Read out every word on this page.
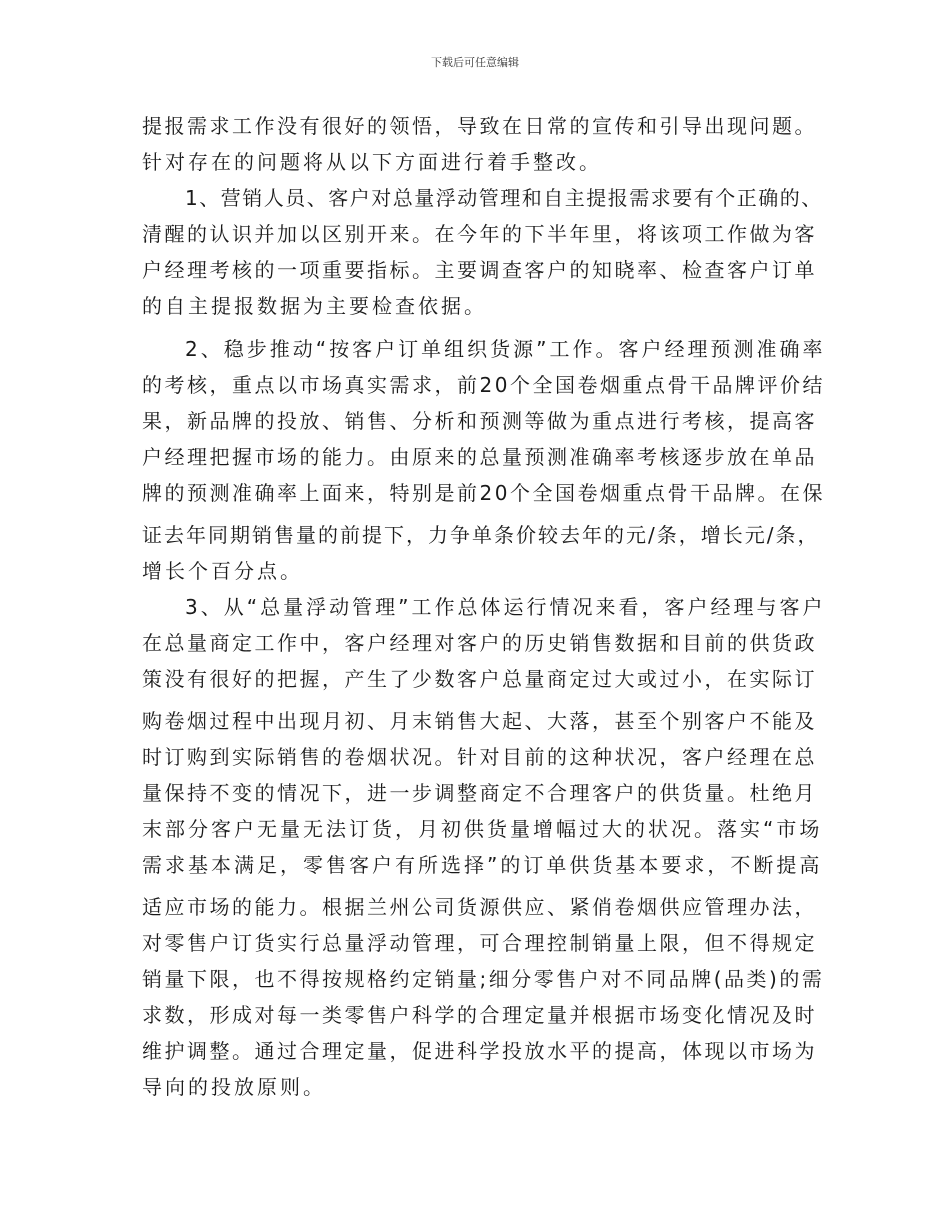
下载后可任意编辑
提报需求工作没有很好的领悟，导致在日常的宣传和引导出现问题。
针对存在的问题将从以下方面进行着手整改。
1、营销人员、客户对总量浮动管理和自主提报需求要有个正确的、
清醒的认识并加以区别开来。在今年的下半年里，将该项工作做为客
户经理考核的一项重要指标。主要调查客户的知晓率、检查客户订单
的自主提报数据为主要检查依据。
2、稳步推动“按客户订单组织货源”工作。客户经理预测准确率
的考核，重点以市场真实需求，前20个全国卷烟重点骨干品牌评价结
果，新品牌的投放、销售、分析和预测等做为重点进行考核，提高客
户经理把握市场的能力。由原来的总量预测准确率考核逐步放在单品
牌的预测准确率上面来，特别是前20个全国卷烟重点骨干品牌。在保
证去年同期销售量的前提下，力争单条价较去年的元/条，增长元/条，
增长个百分点。
3、从“总量浮动管理”工作总体运行情况来看，客户经理与客户
在总量商定工作中，客户经理对客户的历史销售数据和目前的供货政
策没有很好的把握，产生了少数客户总量商定过大或过小，在实际订
购卷烟过程中出现月初、月末销售大起、大落，甚至个别客户不能及
时订购到实际销售的卷烟状况。针对目前的这种状况，客户经理在总
量保持不变的情况下，进一步调整商定不合理客户的供货量。杜绝月
末部分客户无量无法订货，月初供货量增幅过大的状况。落实“市场
需求基本满足，零售客户有所选择”的订单供货基本要求，不断提高
适应市场的能力。根据兰州公司货源供应、紧俏卷烟供应管理办法，
对零售户订货实行总量浮动管理，可合理控制销量上限，但不得规定
销量下限，也不得按规格约定销量;细分零售户对不同品牌(品类)的需
求数，形成对每一类零售户科学的合理定量并根据市场变化情况及时
维护调整。通过合理定量，促进科学投放水平的提高，体现以市场为
导向的投放原则。
